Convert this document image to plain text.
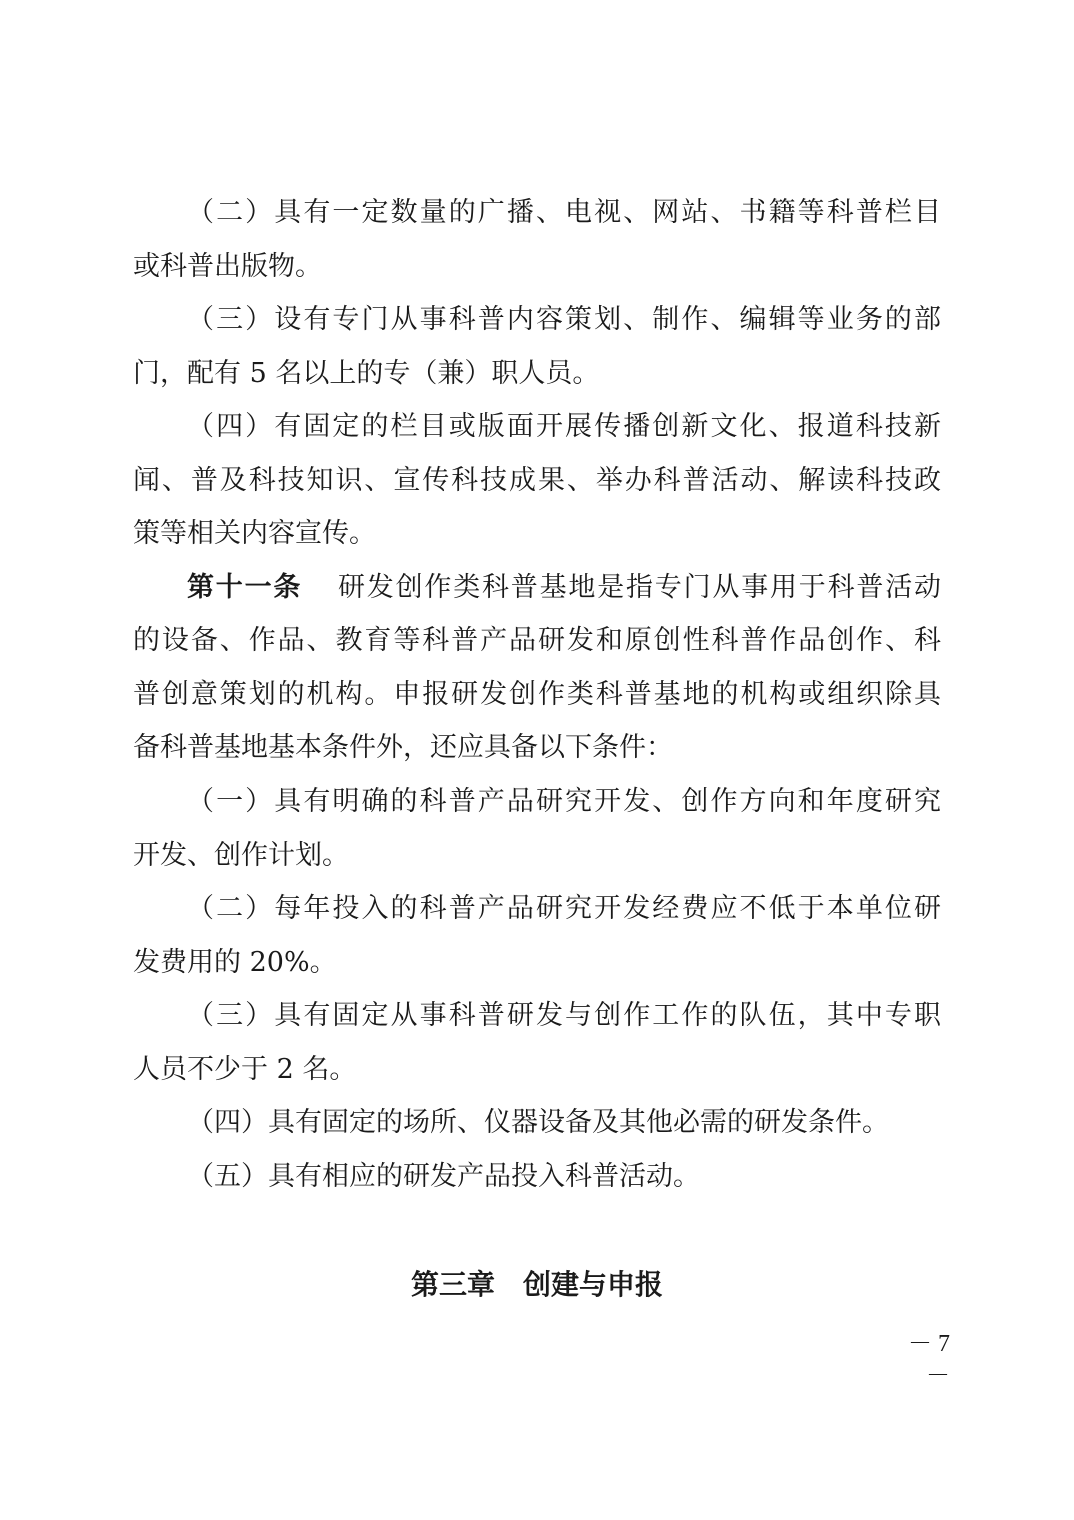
（二）具有一定数量的广播、电视、网站、书籍等科普栏目
或科普出版物。
（三）设有专门从事科普内容策划、制作、编辑等业务的部
门，配有 5 名以上的专（兼）职人员。
（四）有固定的栏目或版面开展传播创新文化、报道科技新
闻、普及科技知识、宣传科技成果、举办科普活动、解读科技政
策等相关内容宣传。
第十一条 研发创作类科普基地是指专门从事用于科普活动
的设备、作品、教育等科普产品研发和原创性科普作品创作、科
普创意策划的机构。申报研发创作类科普基地的机构或组织除具
备科普基地基本条件外，还应具备以下条件：
（一）具有明确的科普产品研究开发、创作方向和年度研究
开发、创作计划。
（二）每年投入的科普产品研究开发经费应不低于本单位研
发费用的 20%。
（三）具有固定从事科普研发与创作工作的队伍，其中专职
人员不少于 2 名。
（四）具有固定的场所、仪器设备及其他必需的研发条件。
（五）具有相应的研发产品投入科普活动。
第三章　创建与申报
－ 7 －
